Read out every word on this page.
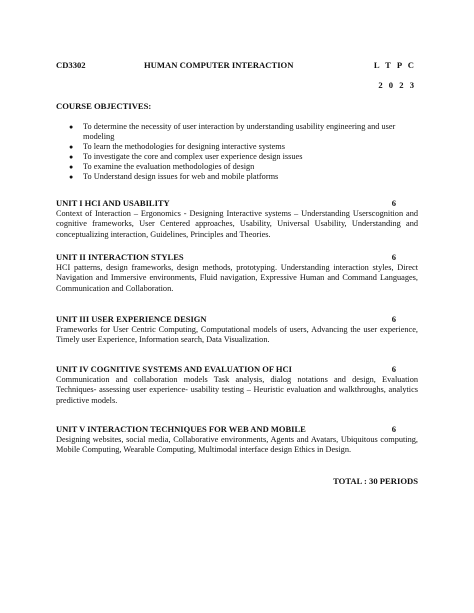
CD3302	HUMAN COMPUTER INTERACTION	L T P C
2 0 2 3
COURSE OBJECTIVES:
● To determine the necessity of user interaction by understanding usability engineering and user modeling
● To learn the methodologies for designing interactive systems
● To investigate the core and complex user experience design issues
● To examine the evaluation methodologies of design
● To Understand design issues for web and mobile platforms
UNIT I HCI AND USABILITY	6
Context of Interaction – Ergonomics - Designing Interactive systems – Understanding Userscognition and cognitive frameworks, User Centered approaches, Usability, Universal Usability, Understanding and conceptualizing interaction, Guidelines, Principles and Theories.
UNIT II INTERACTION STYLES	6
HCI patterns, design frameworks, design methods, prototyping. Understanding interaction styles, Direct Navigation and Immersive environments, Fluid navigation, Expressive Human and Command Languages, Communication and Collaboration.
UNIT III USER EXPERIENCE DESIGN	6
Frameworks for User Centric Computing, Computational models of users, Advancing the user experience, Timely user Experience, Information search, Data Visualization.
UNIT IV COGNITIVE SYSTEMS AND EVALUATION OF HCI	6
Communication and collaboration models Task analysis, dialog notations and design, Evaluation Techniques- assessing user experience- usability testing – Heuristic evaluation and walkthroughs, analytics predictive models.
UNIT V INTERACTION TECHNIQUES FOR WEB AND MOBILE	6
Designing websites, social media, Collaborative environments, Agents and Avatars, Ubiquitous computing, Mobile Computing, Wearable Computing, Multimodal interface design Ethics in Design.
TOTAL : 30 PERIODS
